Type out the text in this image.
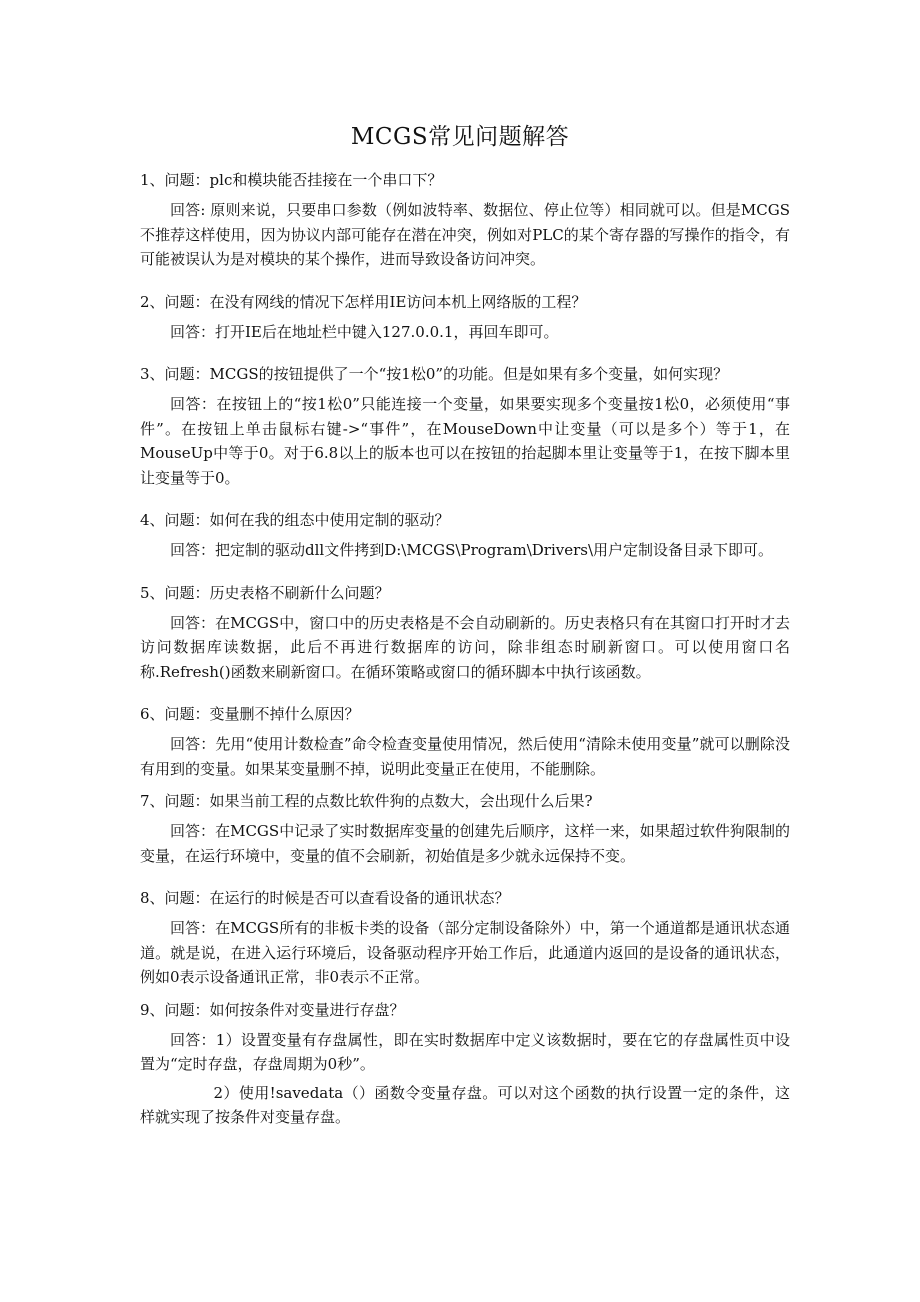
MCGS常见问题解答

1、问题：plc和模块能否挂接在一个串口下？

回答: 原则来说，只要串口参数（例如波特率、数据位、停止位等）相同就可以。但是MCGS不推荐这样使用，因为协议内部可能存在潜在冲突，例如对PLC的某个寄存器的写操作的指令，有可能被误认为是对模块的某个操作，进而导致设备访问冲突。

2、问题：在没有网线的情况下怎样用IE访问本机上网络版的工程？

回答：打开IE后在地址栏中键入127.0.0.1，再回车即可。

3、问题：MCGS的按钮提供了一个“按1松0”的功能。但是如果有多个变量，如何实现？

回答：在按钮上的“按1松0”只能连接一个变量，如果要实现多个变量按1松0，必须使用“事件”。在按钮上单击鼠标右键->“事件”，在MouseDown中让变量（可以是多个）等于1，在MouseUp中等于0。对于6.8以上的版本也可以在按钮的抬起脚本里让变量等于1，在按下脚本里让变量等于0。

4、问题：如何在我的组态中使用定制的驱动？

回答：把定制的驱动dll文件拷到D:\MCGS\Program\Drivers\用户定制设备目录下即可。

5、问题：历史表格不刷新什么问题？

回答：在MCGS中，窗口中的历史表格是不会自动刷新的。历史表格只有在其窗口打开时才去访问数据库读数据，此后不再进行数据库的访问，除非组态时刷新窗口。可以使用窗口名称.Refresh()函数来刷新窗口。在循环策略或窗口的循环脚本中执行该函数。

6、问题：变量删不掉什么原因？

回答：先用“使用计数检查”命令检查变量使用情况，然后使用“清除未使用变量”就可以删除没有用到的变量。如果某变量删不掉，说明此变量正在使用，不能删除。

7、问题：如果当前工程的点数比软件狗的点数大，会出现什么后果?

回答：在MCGS中记录了实时数据库变量的创建先后顺序，这样一来，如果超过软件狗限制的变量，在运行环境中，变量的值不会刷新，初始值是多少就永远保持不变。

8、问题：在运行的时候是否可以查看设备的通讯状态？

回答：在MCGS所有的非板卡类的设备（部分定制设备除外）中，第一个通道都是通讯状态通道。就是说，在进入运行环境后，设备驱动程序开始工作后，此通道内返回的是设备的通讯状态，例如0表示设备通讯正常，非0表示不正常。

9、问题：如何按条件对变量进行存盘？

回答：1）设置变量有存盘属性，即在实时数据库中定义该数据时，要在它的存盘属性页中设置为“定时存盘，存盘周期为0秒”。

2）使用!savedata（）函数令变量存盘。可以对这个函数的执行设置一定的条件，这样就实现了按条件对变量存盘。
